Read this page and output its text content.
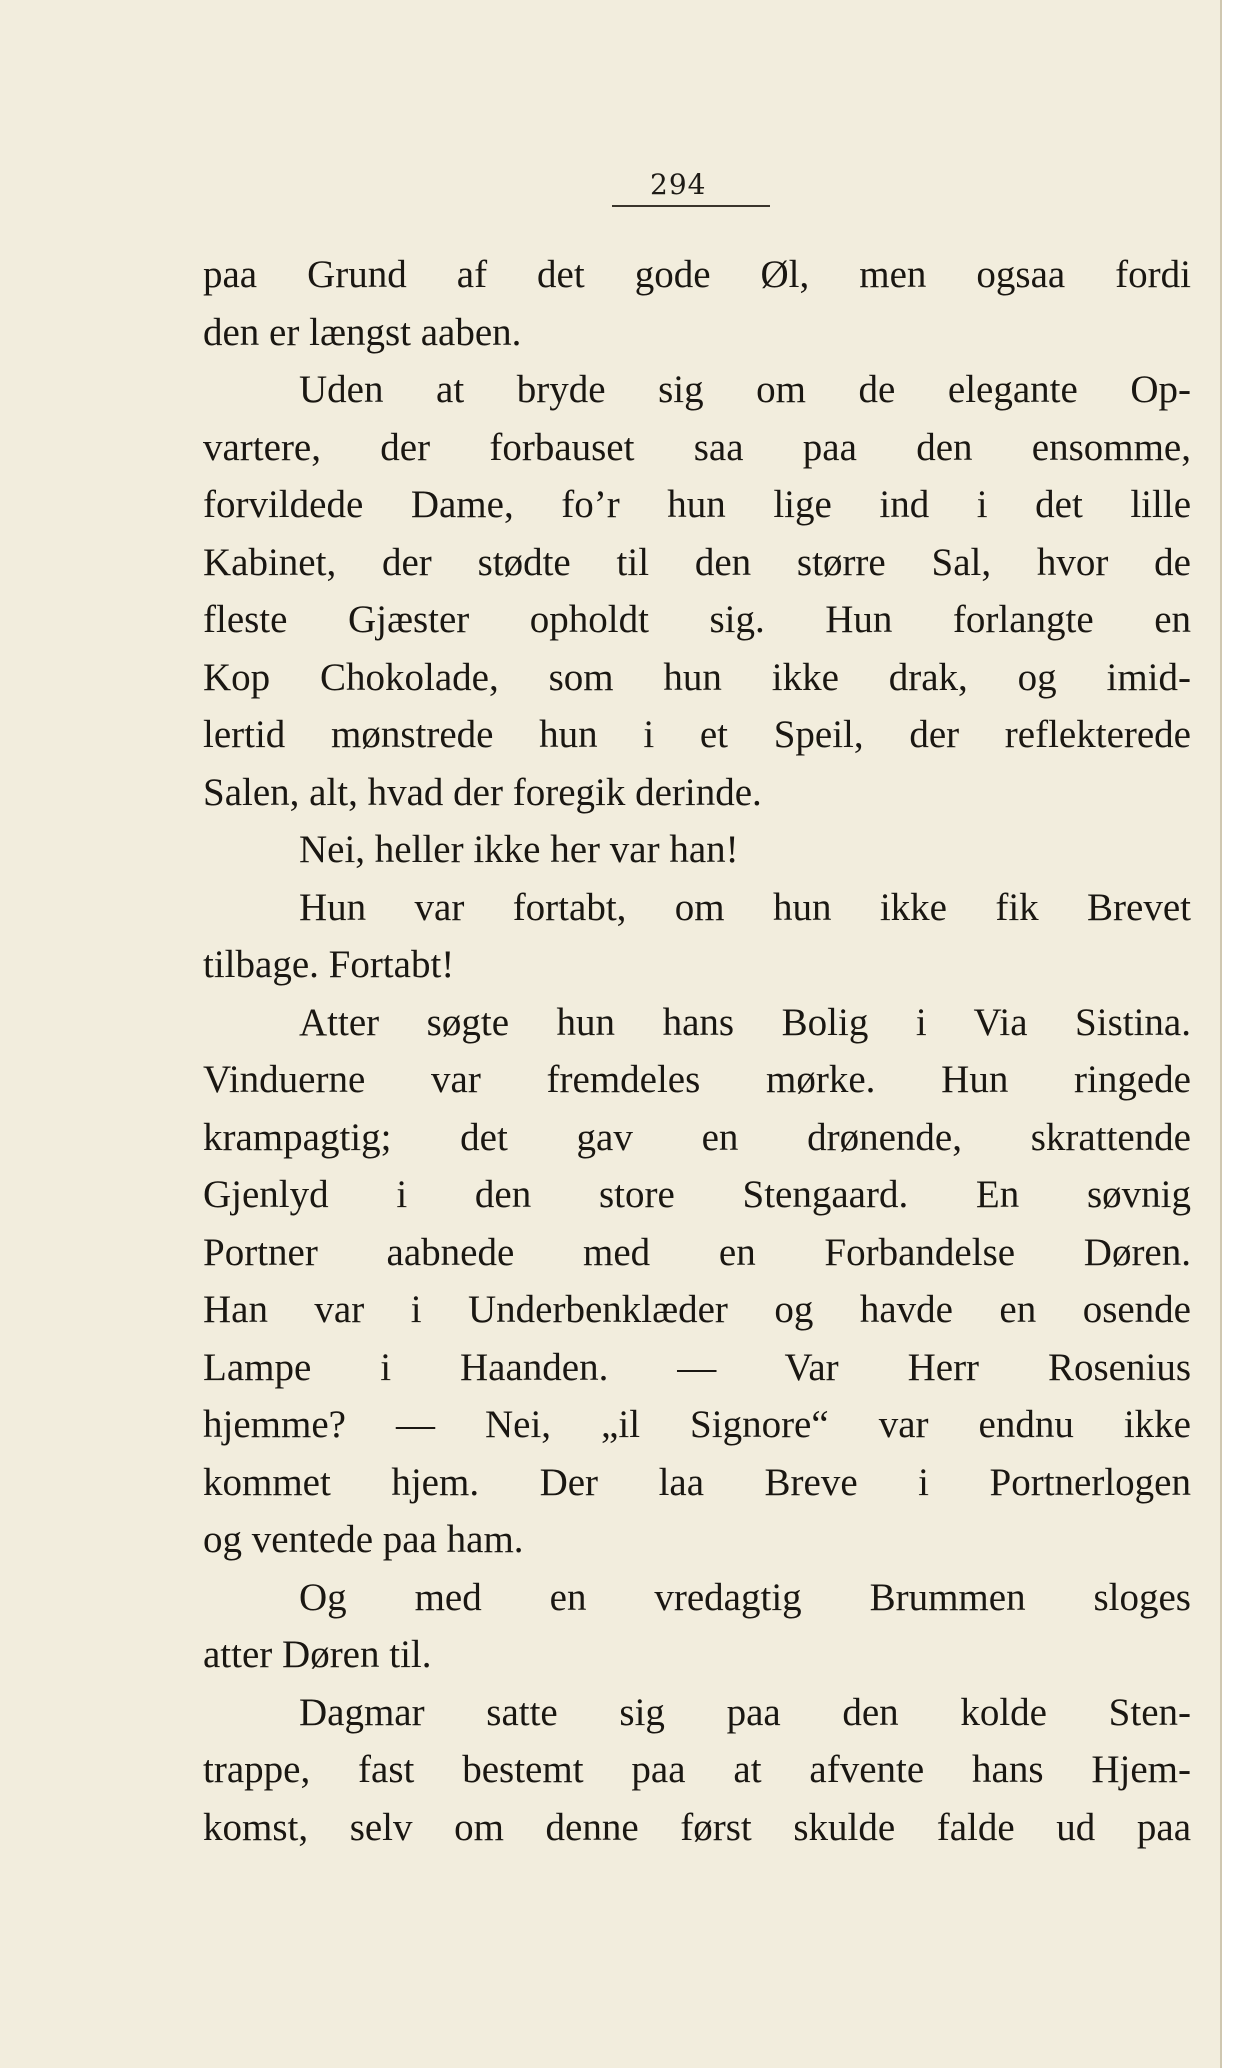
294
paa Grund af det gode Øl, men ogsaa fordi
den er længst aaben.
Uden at bryde sig om de elegante Op-
vartere, der forbauset saa paa den ensomme,
forvildede Dame, fo’r hun lige ind i det lille
Kabinet, der stødte til den større Sal, hvor de
fleste Gjæster opholdt sig. Hun forlangte en
Kop Chokolade, som hun ikke drak, og imid-
lertid mønstrede hun i et Speil, der reflekterede
Salen, alt, hvad der foregik derinde.
Nei, heller ikke her var han!
Hun var fortabt, om hun ikke fik Brevet
tilbage. Fortabt!
Atter søgte hun hans Bolig i Via Sistina.
Vinduerne var fremdeles mørke. Hun ringede
krampagtig; det gav en drønende, skrattende
Gjenlyd i den store Stengaard. En søvnig
Portner aabnede med en Forbandelse Døren.
Han var i Underbenklæder og havde en osende
Lampe i Haanden. — Var Herr Rosenius
hjemme? — Nei, „il Signore“ var endnu ikke
kommet hjem. Der laa Breve i Portnerlogen
og ventede paa ham.
Og med en vredagtig Brummen sloges
atter Døren til.
Dagmar satte sig paa den kolde Sten-
trappe, fast bestemt paa at afvente hans Hjem-
komst, selv om denne først skulde falde ud paa
